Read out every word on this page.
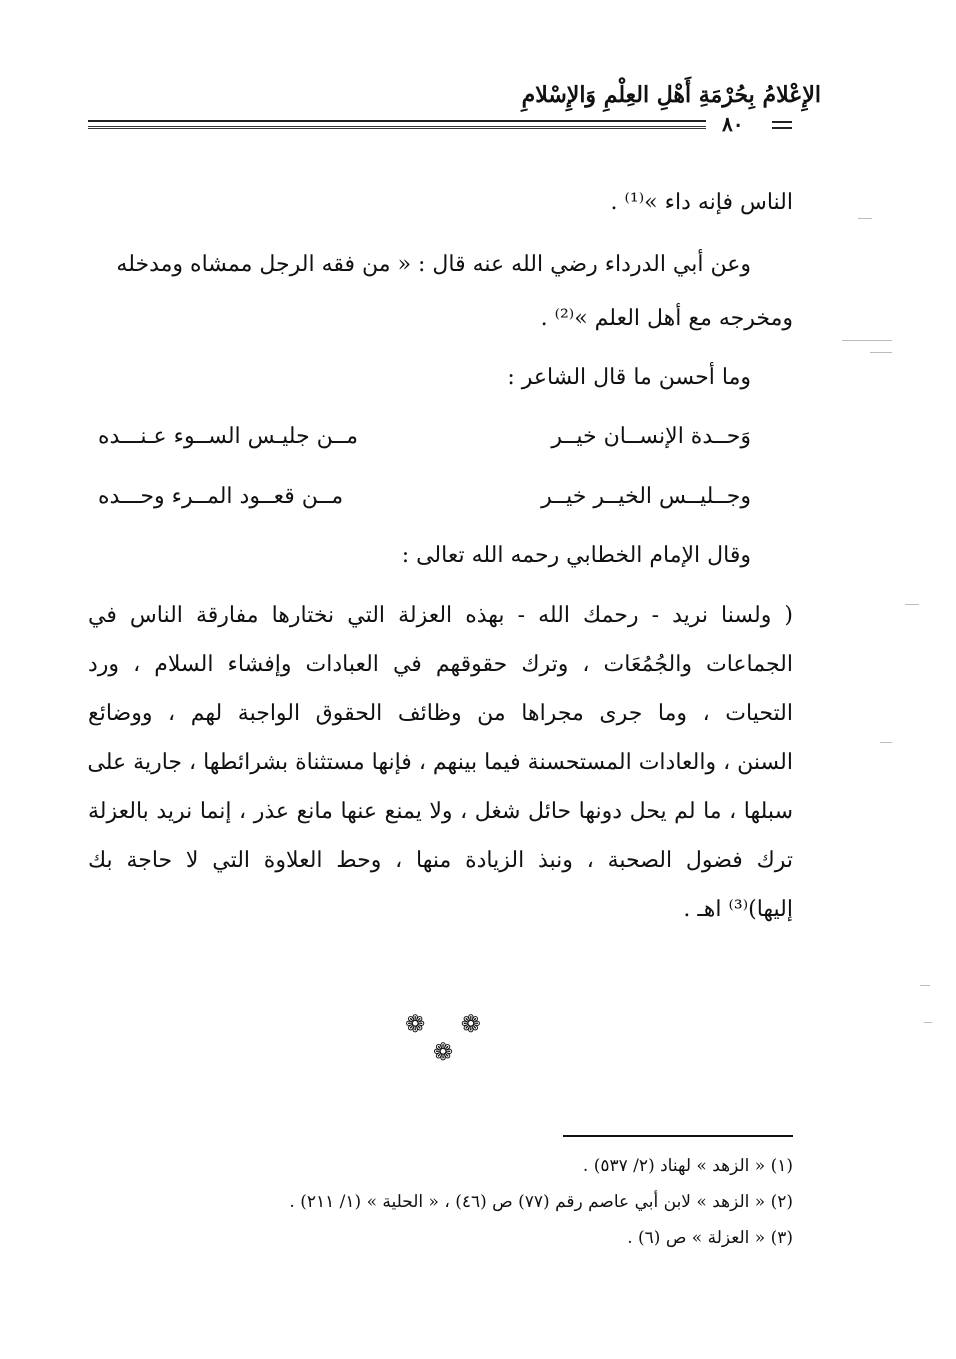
الإِعْلامُ بِحُرْمَةِ أَهْلِ العِلْمِ وَالإِسْلامِ
٨٠
الناس فإنه داء »⁽¹⁾ .
وعن أبي الدرداء رضي الله عنه قال : « من فقه الرجل ممشاه ومدخله
ومخرجه مع أهل العلم »⁽²⁾ .
وما أحسن ما قال الشاعر :
وَحــدة الإنســان خيــر
مــن جليـس الســوء عـنـــده
وجــليــس الخيــر خيــر
مــن قعــود المــرء وحـــده
وقال الإمام الخطابي رحمه الله تعالى :
( ولسنا نريد - رحمك الله - بهذه العزلة التي نختارها مفارقة الناس في
الجماعات والجُمُعَات ، وترك حقوقهم في العبادات وإفشاء السلام ، ورد
التحيات ، وما جرى مجراها من وظائف الحقوق الواجبة لهم ، ووضائع
السنن ، والعادات المستحسنة فيما بينهم ، فإنها مستثناة بشرائطها ، جارية على
سبلها ، ما لم يحل دونها حائل شغل ، ولا يمنع عنها مانع عذر ، إنما نريد بالعزلة
ترك فضول الصحبة ، ونبذ الزيادة منها ، وحط العلاوة التي لا حاجة بك
إليها)⁽³⁾ اهـ .
❁ ❁ ❁
(١) « الزهد » لهناد (٢/ ٥٣٧) .
(٢) « الزهد » لابن أبي عاصم رقم (٧٧) ص (٤٦) ، « الحلية » (١/ ٢١١) .
(٣) « العزلة » ص (٦) .
